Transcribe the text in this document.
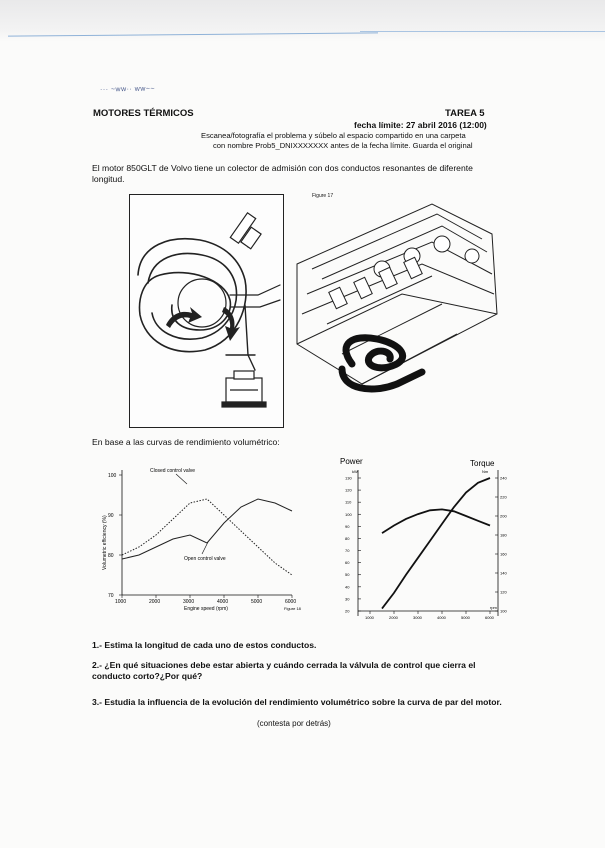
··· ~ww·· ww~~
MOTORES TÉRMICOS	TAREA 5
fecha límite: 27 abril 2016 (12:00)
Escanea/fotografía el problema y súbelo al espacio compartido en una carpeta
con nombre Prob5_DNIXXXXXXX antes de la fecha límite. Guarda el original
El motor 850GLT de Volvo tiene un colector de admisión con dos conductos resonantes de diferente longitud.
Figure 17
En base a las curvas de rendimiento volumétrico:
Volumetric efficiency (%)
100
90
80
70
1000	2000	3000	4000	5000	6000
Closed control valve
Open control valve
Engine speed (rpm)	Figure 18
Power	Torque
kW	Nm
130
120
110
100
90
80
70
60
50
40
30
20
240
220
200
180
160
140
120
100
1000	2000	3000	4000	5000	6000
rpm
1.- Estima la longitud de cada uno de estos conductos.
2.- ¿En qué situaciones debe estar abierta y cuándo cerrada la válvula de control que cierra el conducto corto?¿Por qué?
3.- Estudia la influencia de la evolución del rendimiento volumétrico sobre la curva de par del motor.
(contesta por detrás)
